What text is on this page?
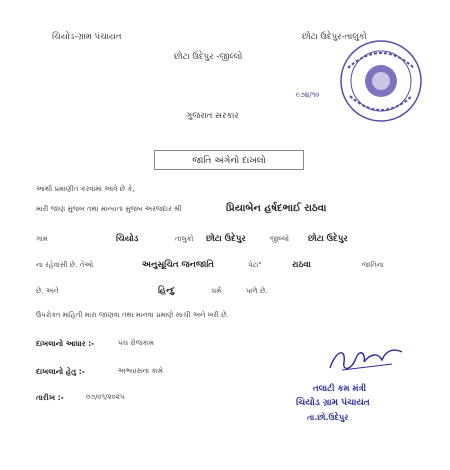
ચિયોડ-ગ્રામ પંચાયત	છોટા ઉદેપુર-તાલુકો
છોટા ઉદેપુર -જીલ્લો
૯૭૪/૧૦
ગુજરાત સરકાર
જાતિ અંગેનો દાખલો
આથી પ્રમાણીત કરવામાં આવે છે કે,
મારી જાણ મુજબ તથા માન્યતા મુજબ અરજદાર શ્રી	પ્રિયાબેન હર્ષદભાઈ રાઠવા
ગામ	ચિયોડ	તાલુકો છોટા ઉદેપુર	જીલ્લો છોટા ઉદેપુર
ના રહેવાસી છે. તેઓ	અનુસૂચિત જનજાતિ	પેટા"	રાઠવા	જાતિના
છે. અને	હિન્દુ	ધર્મ	પાળે છે.
ઉપરોક્ત માહિતી મારા જાણવા તથા માનવા પ્રમાણે સાચી અને ખરી છે.
દાખલાનો આધાર :-	પંચ રોજકામ
દાખલાનો હેતુ :-	અભ્યાસના કામે
તારીખ :-	૦૭/૦૧/૨૦૨૫
તલાટી કમ મંત્રી
ચિયોડ ગ્રામ પંચાયત
તા.છો.ઉદેપુર
